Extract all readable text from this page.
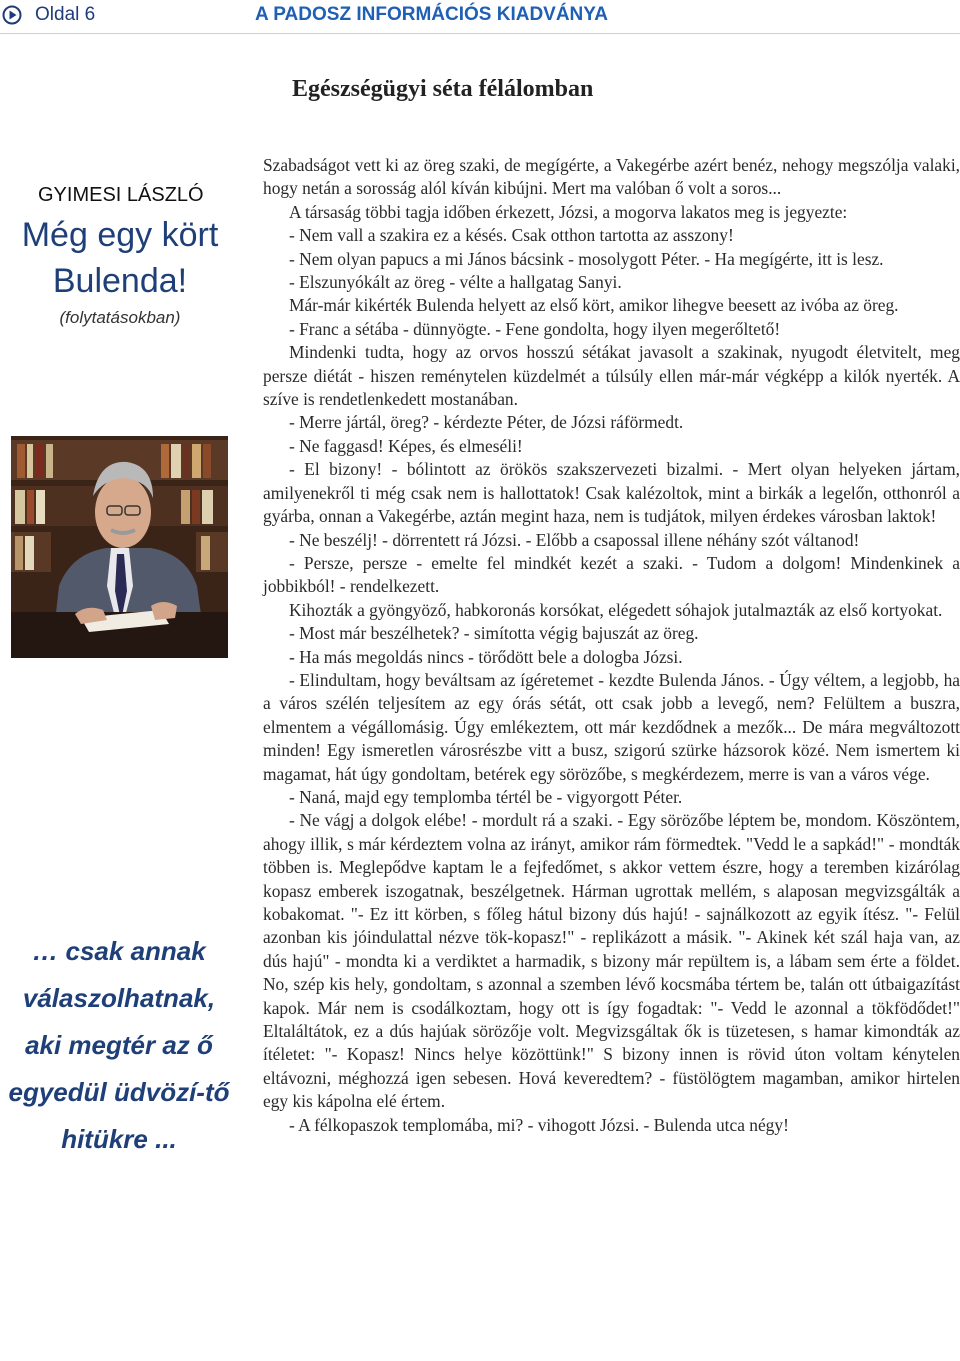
Oldal 6	A PADOSZ INFORMÁCIÓS KIADVÁNYA
Egészségügyi séta félálomban
GYIMESI LÁSZLÓ
Még egy kört
Bulenda!
(folytatásokban)
… csak annak válaszolhatnak, aki megtér az ő egyedül üdvözí-tő hitükre ...

Szabadságot vett ki az öreg szaki, de megígérte, a Vakegérbe azért benéz, nehogy megszólja valaki, hogy netán a sorosság alól kíván kibújni. Mert ma valóban ő volt a soros...

A társaság többi tagja időben érkezett, Józsi, a mogorva lakatos meg is jegyezte:

- Nem vall a szakira ez a késés. Csak otthon tartotta az asszony!

- Nem olyan papucs a mi János bácsink - mosolygott Péter. - Ha megígérte, itt is lesz.

- Elszunyókált az öreg - vélte a hallgatag Sanyi.

Már-már kikérték Bulenda helyett az első kört, amikor lihegve beesett az ivóba az öreg.

- Franc a sétába - dünnyögte. - Fene gondolta, hogy ilyen megerőltető!

Mindenki tudta, hogy az orvos hosszú sétákat javasolt a szakinak, nyugodt életvitelt, meg persze diétát - hiszen reménytelen küzdelmét a túlsúly ellen már-már végképp a kilók nyerték. A szíve is rendetlenkedett mostanában.

- Merre jártál, öreg? - kérdezte Péter, de Józsi ráförmedt.

- Ne faggasd! Képes, és elmeséli!

- El bizony! - bólintott az örökös szakszervezeti bizalmi. - Mert olyan helyeken jártam, amilyenekről ti még csak nem is hallottatok! Csak kalézoltok, mint a birkák a legelőn, otthonról a gyárba, onnan a Vakegérbe, aztán megint haza, nem is tudjátok, milyen érdekes városban laktok!

- Ne beszélj! - dörrentett rá Józsi. - Előbb a csapossal illene néhány szót váltanod!

- Persze, persze - emelte fel mindkét kezét a szaki. - Tudom a dolgom! Mindenkinek a jobbikból! - rendelkezett.

Kihozták a gyöngyöző, habkoronás korsókat, elégedett sóhajok jutalmazták az első kortyokat.

- Most már beszélhetek? - simította végig bajuszát az öreg.

- Ha más megoldás nincs - törődött bele a dologba Józsi.

- Elindultam, hogy beváltsam az ígéretemet - kezdte Bulenda János. - Úgy véltem, a legjobb, ha a város szélén teljesítem az egy órás sétát, ott csak jobb a levegő, nem? Felültem a buszra, elmentem a végállomásig. Úgy emlékeztem, ott már kezdődnek a mezők... De mára megváltozott minden! Egy ismeretlen városrészbe vitt a busz, szigorú szürke házsorok közé. Nem ismertem ki magamat, hát úgy gondoltam, betérek egy sörözőbe, s megkérdezem, merre is van a város vége.

- Naná, majd egy templomba tértél be - vigyorgott Péter.

- Ne vágj a dolgok elébe! - mordult rá a szaki. - Egy sörözőbe léptem be, mondom. Köszöntem, ahogy illik, s már kérdeztem volna az irányt, amikor rám förmedtek. "Vedd le a sapkád!" - mondták többen is. Meglepődve kaptam le a fejfedőmet, s akkor vettem észre, hogy a teremben kizárólag kopasz emberek iszogatnak, beszélgetnek. Hárman ugrottak mellém, s alaposan megvizsgálták a kobakomat. "- Ez itt körben, s főleg hátul bizony dús hajú! - sajnálkozott az egyik ítész. "- Felül azonban kis jóindulattal nézve tök-kopasz!" - replikázott a másik. "- Akinek két szál haja van, az dús hajú" - mondta ki a verdiktet a harmadik, s bizony már repültem is, a lábam sem érte a földet. No, szép kis hely, gondoltam, s azonnal a szemben lévő kocsmába tértem be, talán ott útbaigazítást kapok. Már nem is csodálkoztam, hogy ott is így fogadtak: "- Vedd le azonnal a tökfödődet!" Eltaláltátok, ez a dús hajúak sörözője volt. Megvizsgáltak ők is tüzetesen, s hamar kimondták az ítéletet: "- Kopasz! Nincs helye közöttünk!" S bizony innen is rövid úton voltam kénytelen eltávozni, méghozzá igen sebesen. Hová keveredtem? - füstölögtem magamban, amikor hirtelen egy kis kápolna elé értem.

- A félkopaszok templomába, mi? - vihogott Józsi. - Bulenda utca négy!
